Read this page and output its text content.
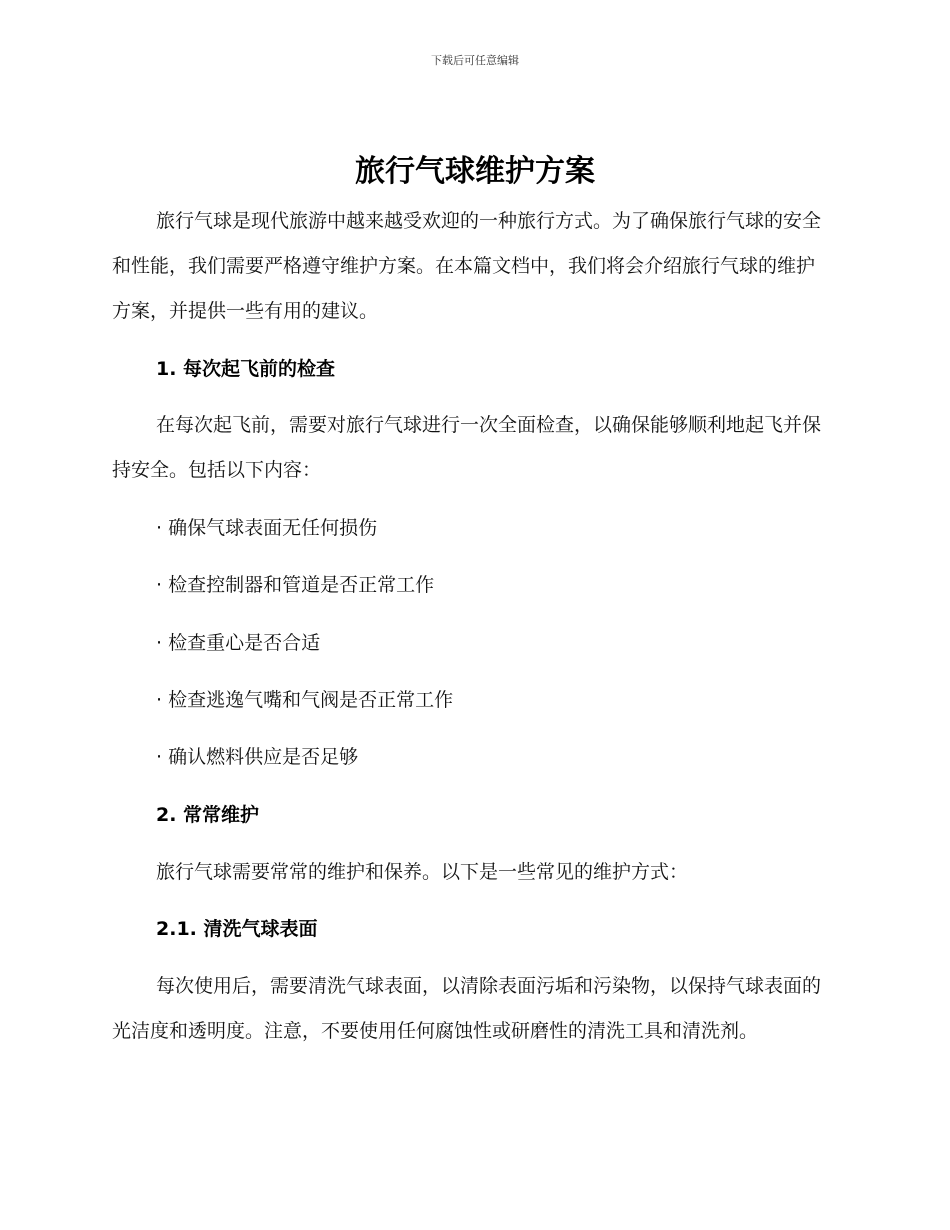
下载后可任意编辑
旅行气球维护方案

旅行气球是现代旅游中越来越受欢迎的一种旅行方式。为了确保旅行气球的安全和性能，我们需要严格遵守维护方案。在本篇文档中，我们将会介绍旅行气球的维护方案，并提供一些有用的建议。

1. 每次起飞前的检查

在每次起飞前，需要对旅行气球进行一次全面检查，以确保能够顺利地起飞并保持安全。包括以下内容：

· 确保气球表面无任何损伤

· 检查控制器和管道是否正常工作

· 检查重心是否合适

· 检查逃逸气嘴和气阀是否正常工作

· 确认燃料供应是否足够

2. 常常维护

旅行气球需要常常的维护和保养。以下是一些常见的维护方式：

2.1. 清洗气球表面

每次使用后，需要清洗气球表面，以清除表面污垢和污染物，以保持气球表面的光洁度和透明度。注意，不要使用任何腐蚀性或研磨性的清洗工具和清洗剂。
